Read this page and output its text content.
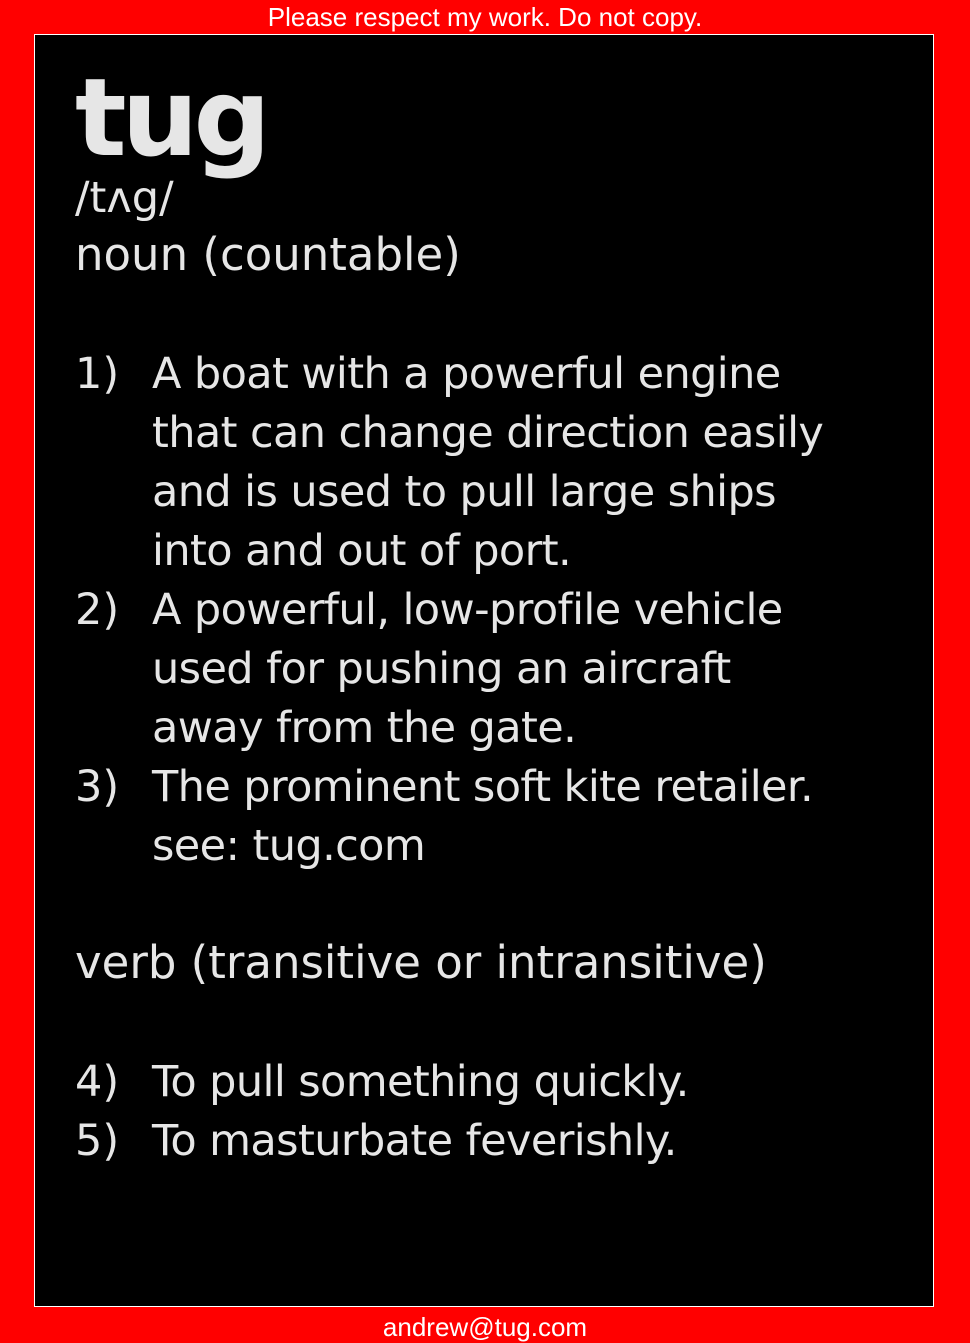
Please respect my work. Do not copy.
tug
/tʌg/
noun (countable)
1) A boat with a powerful engine
that can change direction easily
and is used to pull large ships
into and out of port.
2) A powerful, low-profile vehicle
used for pushing an aircraft
away from the gate.
3) The prominent soft kite retailer.
see: tug.com
verb (transitive or intransitive)
4) To pull something quickly.
5) To masturbate feverishly.
andrew@tug.com
